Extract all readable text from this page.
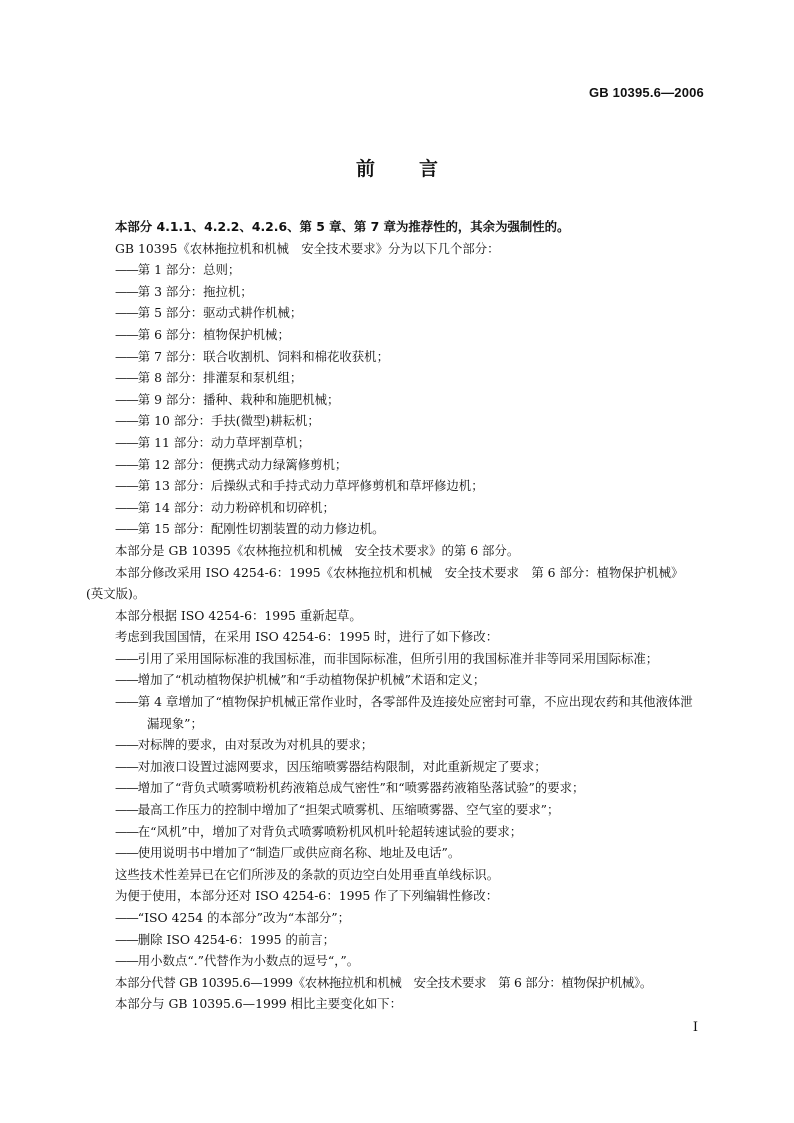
GB 10395.6—2006
前言

本部分 4.1.1、4.2.2、4.2.6、第 5 章、第 7 章为推荐性的，其余为强制性的。

GB 10395《农林拖拉机和机械　安全技术要求》分为以下几个部分：

——第 1 部分：总则；

——第 3 部分：拖拉机；

——第 5 部分：驱动式耕作机械；

——第 6 部分：植物保护机械；

——第 7 部分：联合收割机、饲料和棉花收获机；

——第 8 部分：排灌泵和泵机组；

——第 9 部分：播种、栽种和施肥机械；

——第 10 部分：手扶(微型)耕耘机；

——第 11 部分：动力草坪割草机；

——第 12 部分：便携式动力绿篱修剪机；

——第 13 部分：后操纵式和手持式动力草坪修剪机和草坪修边机；

——第 14 部分：动力粉碎机和切碎机；

——第 15 部分：配刚性切割装置的动力修边机。

本部分是 GB 10395《农林拖拉机和机械　安全技术要求》的第 6 部分。

本部分修改采用 ISO 4254-6：1995《农林拖拉机和机械　安全技术要求　第 6 部分：植物保护机械》

(英文版)。

本部分根据 ISO 4254-6：1995 重新起草。

考虑到我国国情，在采用 ISO 4254-6：1995 时，进行了如下修改：

——引用了采用国际标准的我国标准，而非国际标准，但所引用的我国标准并非等同采用国际标准；

——增加了“机动植物保护机械”和“手动植物保护机械”术语和定义；

——第 4 章增加了“植物保护机械正常作业时，各零部件及连接处应密封可靠，不应出现农药和其他液体泄漏现象”；

——对标牌的要求，由对泵改为对机具的要求；

——对加液口设置过滤网要求，因压缩喷雾器结构限制，对此重新规定了要求；

——增加了“背负式喷雾喷粉机药液箱总成气密性”和“喷雾器药液箱坠落试验”的要求；

——最高工作压力的控制中增加了“担架式喷雾机、压缩喷雾器、空气室的要求”；

——在“风机”中，增加了对背负式喷雾喷粉机风机叶轮超转速试验的要求；

——使用说明书中增加了“制造厂或供应商名称、地址及电话”。

这些技术性差异已在它们所涉及的条款的页边空白处用垂直单线标识。

为便于使用，本部分还对 ISO 4254-6：1995 作了下列编辑性修改：

——“ISO 4254 的本部分”改为“本部分”；

——删除 ISO 4254-6：1995 的前言；

——用小数点“.”代替作为小数点的逗号“，”。

本部分代替 GB 10395.6—1999《农林拖拉机和机械　安全技术要求　第 6 部分：植物保护机械》。

本部分与 GB 10395.6—1999 相比主要变化如下：

I
